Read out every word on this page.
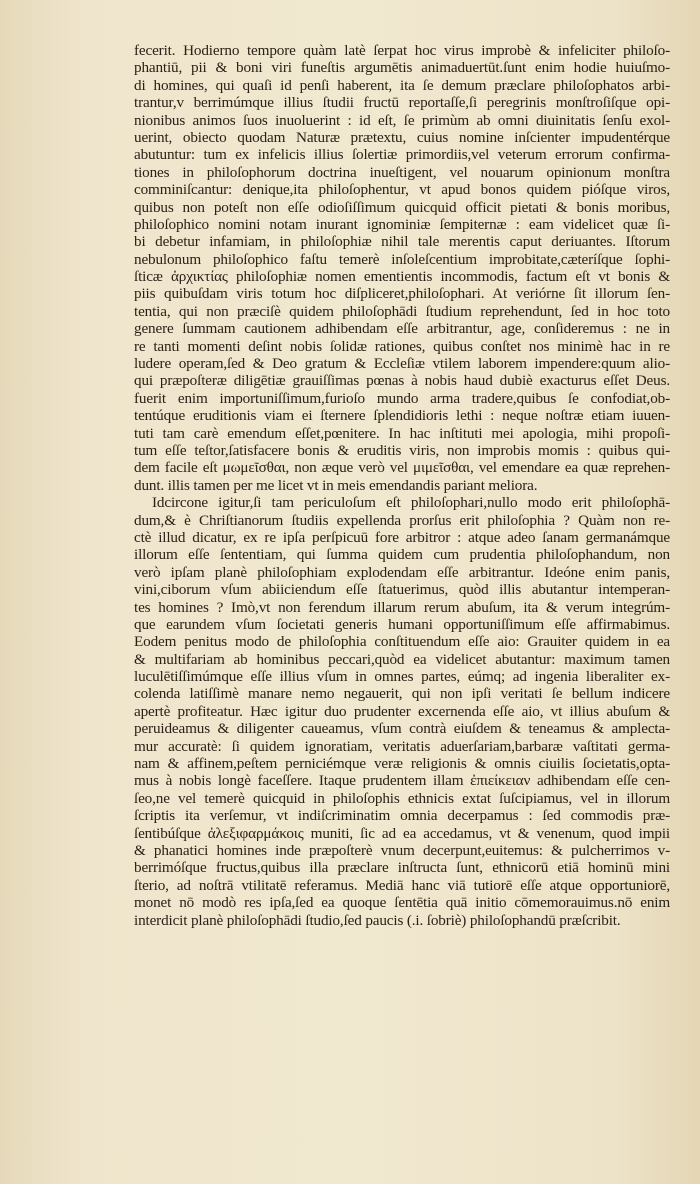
fecerit. Hodierno tempore quàm latè ſerpat hoc virus improbè & infeliciter philoſo-
phantiū, pii & boni viri funeſtis argumētis animaduertūt.ſunt enim hodie huiuſmo-
di homines, qui quaſi id penſi haberent, ita ſe demum præclare philoſophatos arbi-
trantur,v berrimúmque illius ſtudii fructū reportaſſe,ſi peregrinis monſtroſiſque opi-
nionibus animos ſuos inuoluerint : id eſt, ſe primùm ab omni diuinitatis ſenſu exol-
uerint, obiecto quodam Naturæ prætextu, cuius nomine inſcienter impudentérque
abutuntur: tum ex infelicis illius ſolertiæ primordiis,vel veterum errorum confirma-
tiones in philoſophorum doctrina inueſtigent, vel nouarum opinionum monſtra
comminiſcantur: denique,ita philoſophentur, vt apud bonos quidem pióſque viros,
quibus non poteſt non eſſe odioſiſſimum quicquid officit pietati & bonis moribus,
philoſophico nomini notam inurant ignominiæ ſempiternæ : eam videlicet quæ ſi-
bi debetur infamiam, in philoſophiæ nihil tale merentis caput deriuantes. Iſtorum
nebulonum philoſophico faſtu temerè inſoleſcentium improbitate,cæteríſque ſophi-
ſticæ ἀρχικτίας philoſophiæ nomen ementientis incommodis, factum eſt vt bonis &
piis quibuſdam viris totum hoc diſpliceret,philoſophari. At veriórne ſit illorum ſen-
tentia, qui non præciſè quidem philoſophādi ſtudium reprehendunt, ſed in hoc toto
genere ſummam cautionem adhibendam eſſe arbitrantur, age, conſideremus : ne in
re tanti momenti deſint nobis ſolidæ rationes, quibus conſtet nos minimè hac in re
ludere operam,ſed & Deo gratum & Eccleſiæ vtilem laborem impendere:quum alio-
qui præpoſteræ diligētiæ grauiſſimas pœnas à nobis haud dubiè exacturus eſſet Deus.
fuerit enim importuniſſimum,furioſo mundo arma tradere,quibus ſe confodiat,ob-
tentúque eruditionis viam ei ſternere ſplendidioris lethi : neque noſtræ etiam iuuen-
tuti tam carè emendum eſſet,pœnitere. In hac inſtituti mei apologia, mihi propoſi-
tum eſſe teſtor,ſatisfacere bonis & eruditis viris, non improbis momis : quibus qui-
dem facile eſt μωμεῖσθαι, non æque verò vel μιμεῖσθαι, vel emendare ea quæ reprehen-
dunt. illis tamen per me licet vt in meis emendandis pariant meliora.
Idcircone igitur,ſi tam periculoſum eſt philoſophari,nullo modo erit philoſophā-
dum,& è Chriſtianorum ſtudiis expellenda prorſus erit philoſophia ? Quàm non re-
ctè illud dicatur, ex re ipſa perſpicuū fore arbitror : atque adeo ſanam germanámque
illorum eſſe ſententiam, qui ſumma quidem cum prudentia philoſophandum, non
verò ipſam planè philoſophiam explodendam eſſe arbitrantur. Ideóne enim panis,
vini,ciborum vſum abiiciendum eſſe ſtatuerimus, quòd illis abutantur intemperan-
tes homines ? Imò,vt non ferendum illarum rerum abuſum, ita & verum integrúm-
que earundem vſum ſocietati generis humani opportuniſſimum eſſe affirmabimus.
Eodem penitus modo de philoſophia conſtituendum eſſe aio: Grauiter quidem in ea
& multifariam ab hominibus peccari,quòd ea videlicet abutantur: maximum tamen
luculētiſſimúmque eſſe illius vſum in omnes partes, eúmq; ad ingenia liberaliter ex-
colenda latiſſimè manare nemo negauerit, qui non ipſi veritati ſe bellum indicere
apertè profiteatur. Hæc igitur duo prudenter excernenda eſſe aio, vt illius abuſum &
peruideamus & diligenter caueamus, vſum contrà eiuſdem & teneamus & amplecta-
mur accuratè: ſi quidem ignoratiam, veritatis aduerſariam,barbaræ vaſtitati germa-
nam & affinem,peſtem perniciémque veræ religionis & omnis ciuilis ſocietatis,opta-
mus à nobis longè faceſſere. Itaque prudentem illam ἐπιείκειαν adhibendam eſſe cen-
ſeo,ne vel temerè quicquid in philoſophis ethnicis extat ſuſcipiamus, vel in illorum
ſcriptis ita verſemur, vt indiſcriminatim omnia decerpamus : ſed commodis præ-
ſentibúſque ἀλεξιφαρμάκοις muniti, ſic ad ea accedamus, vt & venenum, quod impii
& phanatici homines inde præpoſterè vnum decerpunt,euitemus: & pulcherrimos v-
berrimóſque fructus,quibus illa præclare inſtructa ſunt, ethnicorū etiā hominū mini
ſterio, ad noſtrā vtilitatē referamus. Mediā hanc viā tutiorē eſſe atque opportuniorē,
monet nō modò res ipſa,ſed ea quoque ſentētia quā initio cōmemorauimus.nō enim
interdicit planè philoſophādi ſtudio,ſed paucis (.i. ſobriè) philoſophandū præſcribit.
